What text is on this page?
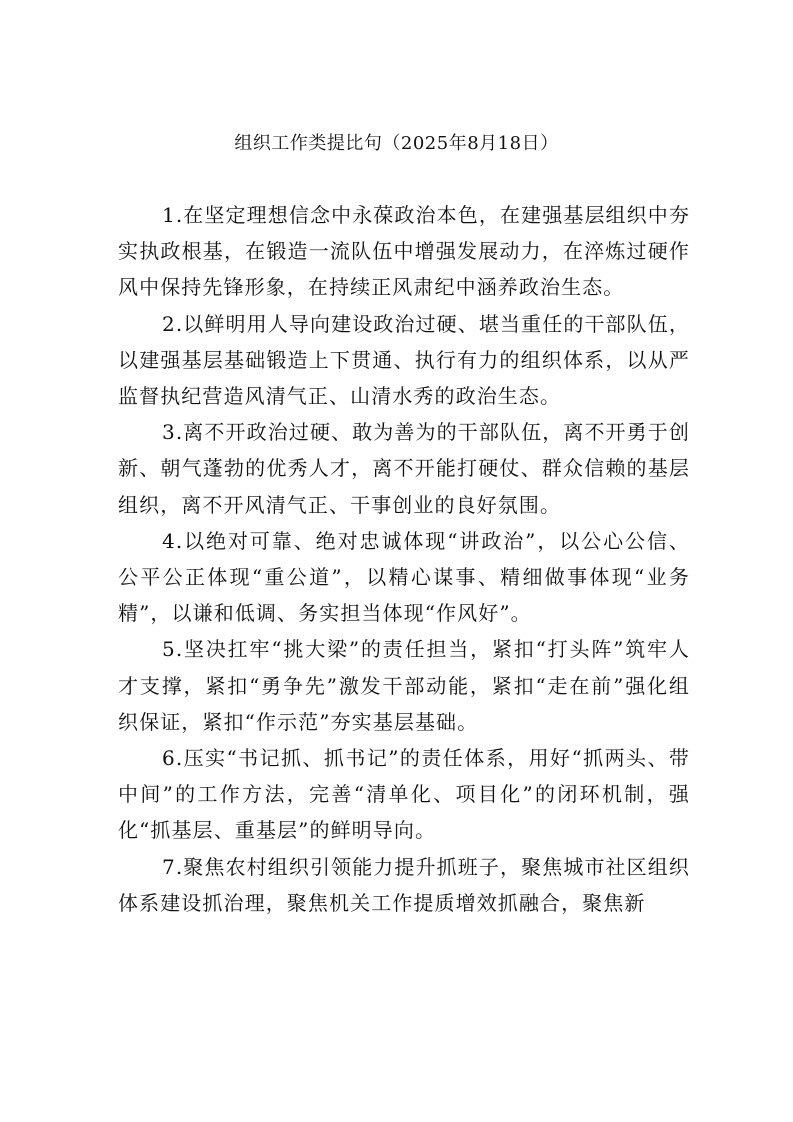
组织工作类提比句（2025年8月18日）

1.在坚定理想信念中永葆政治本色，在建强基层组织中夯实执政根基，在锻造一流队伍中增强发展动力，在淬炼过硬作风中保持先锋形象，在持续正风肃纪中涵养政治生态。

2.以鲜明用人导向建设政治过硬、堪当重任的干部队伍，以建强基层基础锻造上下贯通、执行有力的组织体系，以从严监督执纪营造风清气正、山清水秀的政治生态。

3.离不开政治过硬、敢为善为的干部队伍，离不开勇于创新、朝气蓬勃的优秀人才，离不开能打硬仗、群众信赖的基层组织，离不开风清气正、干事创业的良好氛围。

4.以绝对可靠、绝对忠诚体现“讲政治”，以公心公信、公平公正体现“重公道”，以精心谋事、精细做事体现“业务精”，以谦和低调、务实担当体现“作风好”。

5.坚决扛牢“挑大梁”的责任担当，紧扣“打头阵”筑牢人才支撑，紧扣“勇争先”激发干部动能，紧扣“走在前”强化组织保证，紧扣“作示范”夯实基层基础。

6.压实“书记抓、抓书记”的责任体系，用好“抓两头、带中间”的工作方法，完善“清单化、项目化”的闭环机制，强化“抓基层、重基层”的鲜明导向。

7.聚焦农村组织引领能力提升抓班子，聚焦城市社区组织体系建设抓治理，聚焦机关工作提质增效抓融合，聚焦新
